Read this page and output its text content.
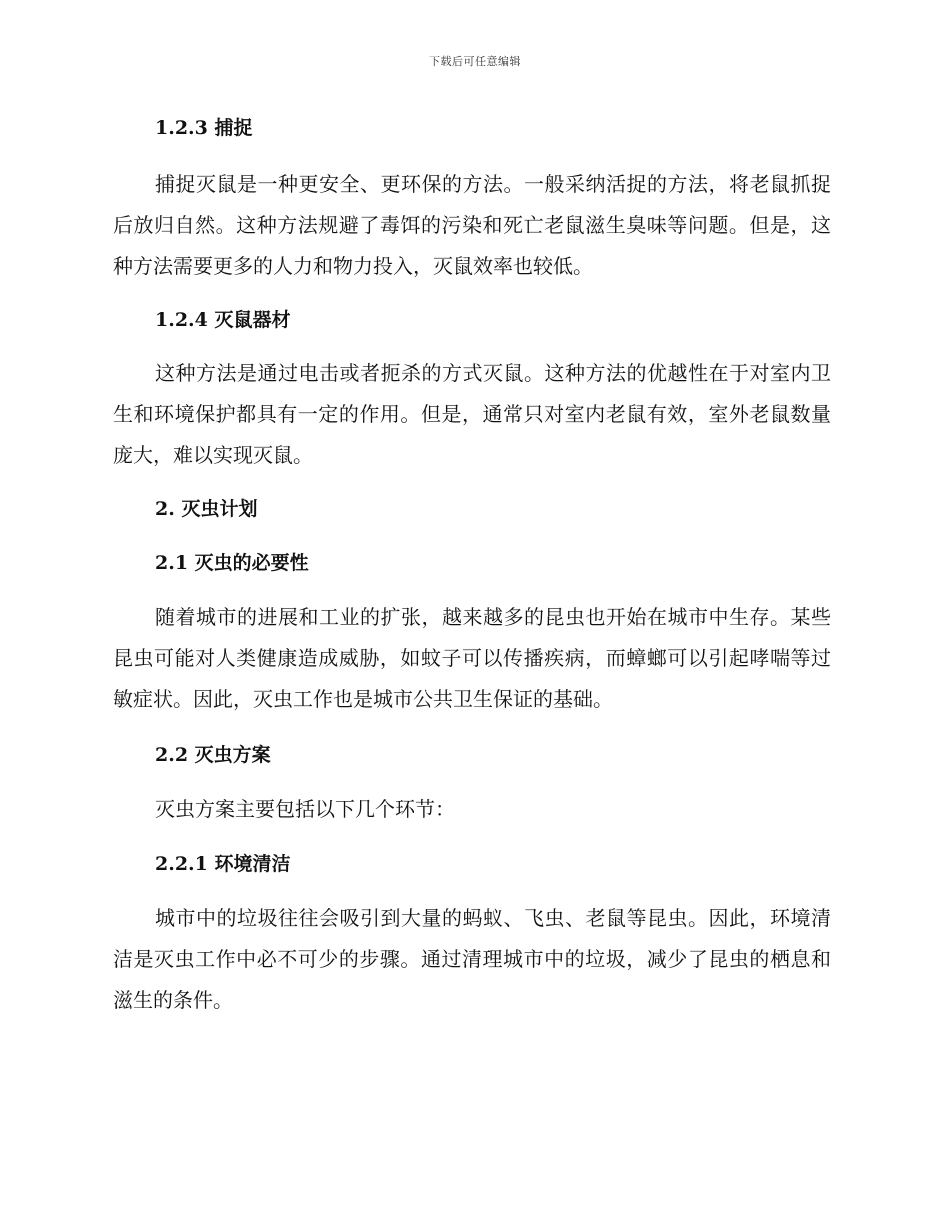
下载后可任意编辑
1.2.3 捕捉

捕捉灭鼠是一种更安全、更环保的方法。一般采纳活捉的方法，将老鼠抓捉后放归自然。这种方法规避了毒饵的污染和死亡老鼠滋生臭味等问题。但是，这种方法需要更多的人力和物力投入，灭鼠效率也较低。

1.2.4 灭鼠器材

这种方法是通过电击或者扼杀的方式灭鼠。这种方法的优越性在于对室内卫生和环境保护都具有一定的作用。但是，通常只对室内老鼠有效，室外老鼠数量庞大，难以实现灭鼠。

2. 灭虫计划
2.1 灭虫的必要性

随着城市的进展和工业的扩张，越来越多的昆虫也开始在城市中生存。某些昆虫可能对人类健康造成威胁，如蚊子可以传播疾病，而蟑螂可以引起哮喘等过敏症状。因此，灭虫工作也是城市公共卫生保证的基础。

2.2 灭虫方案

灭虫方案主要包括以下几个环节：

2.2.1 环境清洁

城市中的垃圾往往会吸引到大量的蚂蚁、飞虫、老鼠等昆虫。因此，环境清洁是灭虫工作中必不可少的步骤。通过清理城市中的垃圾，减少了昆虫的栖息和滋生的条件。
